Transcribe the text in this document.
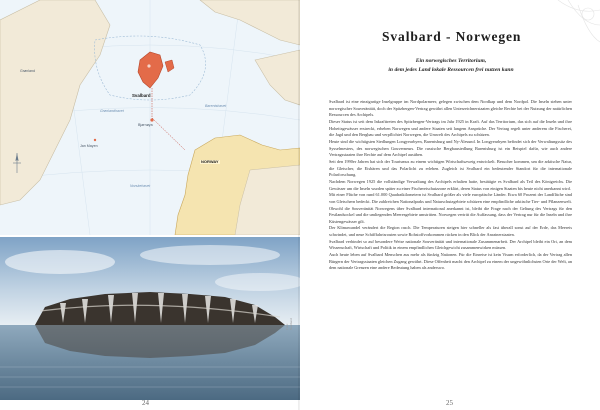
Svalbard
NORWAY
Grønland
Jan Mayen
Bjørnøya
Grønlandhavet
Norskehavet
Barentshavet
Foto: Svalbard
24
Svalbard - Norwegen
Ein norwegisches Territorium,
in dem jedes Land lokale Ressourcen frei nutzen kann

Svalbard ist eine einzigartige Inselgruppe im Nordpolarmeer, gelegen zwischen dem Nordkap und dem Nordpol. Die Inseln stehen unter norwegischer Souveränität, doch der Spitzbergen-Vertrag gewährt allen Unterzeichnerstaaten gleiche Rechte bei der Nutzung der natürlichen Ressourcen des Archipels.

Dieser Status ist seit dem Inkrafttreten des Spitzbergen-Vertrags im Jahr 1925 in Kraft. Auf das Territorium, das sich auf die Inseln und ihre Hoheitsgewässer erstreckt, erheben Norwegen und andere Staaten seit langem Ansprüche. Der Vertrag regelt unter anderem die Fischerei, die Jagd und den Bergbau und verpflichtet Norwegen, die Umwelt des Archipels zu schützen.

Heute sind die wichtigsten Siedlungen Longyearbyen, Barentsburg und Ny-Ålesund. In Longyearbyen befindet sich der Verwaltungssitz des Sysselmesters, des norwegischen Gouverneurs. Die russische Bergbausiedlung Barentsburg ist ein Beispiel dafür, wie auch andere Vertragsstaaten ihre Rechte auf dem Archipel ausüben.

Seit den 1990er Jahren hat sich der Tourismus zu einem wichtigen Wirtschaftszweig entwickelt. Besucher kommen, um die arktische Natur, die Gletscher, die Eisbären und das Polarlicht zu erleben. Zugleich ist Svalbard ein bedeutender Standort für die internationale Polarforschung.

Nachdem Norwegen 1925 die vollständige Verwaltung des Archipels erhalten hatte, bestätigte es Svalbard als Teil des Königreichs. Die Gewässer um die Inseln wurden später zu einer Fischereischutzzone erklärt, deren Status von einigen Staaten bis heute nicht anerkannt wird.

Mit einer Fläche von rund 61.000 Quadratkilometern ist Svalbard größer als viele europäische Länder. Etwa 60 Prozent der Landfläche sind von Gletschern bedeckt. Die zahlreichen Nationalparks und Naturschutzgebiete schützen eine empfindliche arktische Tier- und Pflanzenwelt.

Obwohl die Souveränität Norwegens über Svalbard international anerkannt ist, bleibt die Frage nach der Geltung des Vertrags für den Festlandsockel und die umliegenden Meeresgebiete umstritten. Norwegen vertritt die Auffassung, dass der Vertrag nur für die Inseln und ihre Küstengewässer gilt.

Der Klimawandel verändert die Region rasch. Die Temperaturen steigen hier schneller als fast überall sonst auf der Erde, das Meereis schwindet, und neue Schifffahrtsrouten sowie Rohstoffvorkommen rücken in den Blick der Anrainerstaaten.

Svalbard verbindet so auf besondere Weise nationale Souveränität und internationale Zusammenarbeit. Der Archipel bleibt ein Ort, an dem Wissenschaft, Wirtschaft und Politik in einem empfindlichen Gleichgewicht zusammenwirken müssen.

Auch heute leben auf Svalbard Menschen aus mehr als fünfzig Nationen. Für die Einreise ist kein Visum erforderlich, da der Vertrag allen Bürgern der Vertragsstaaten gleichen Zugang gewährt. Diese Offenheit macht den Archipel zu einem der ungewöhnlichsten Orte der Welt, an dem nationale Grenzen eine andere Bedeutung haben als anderswo.

25
